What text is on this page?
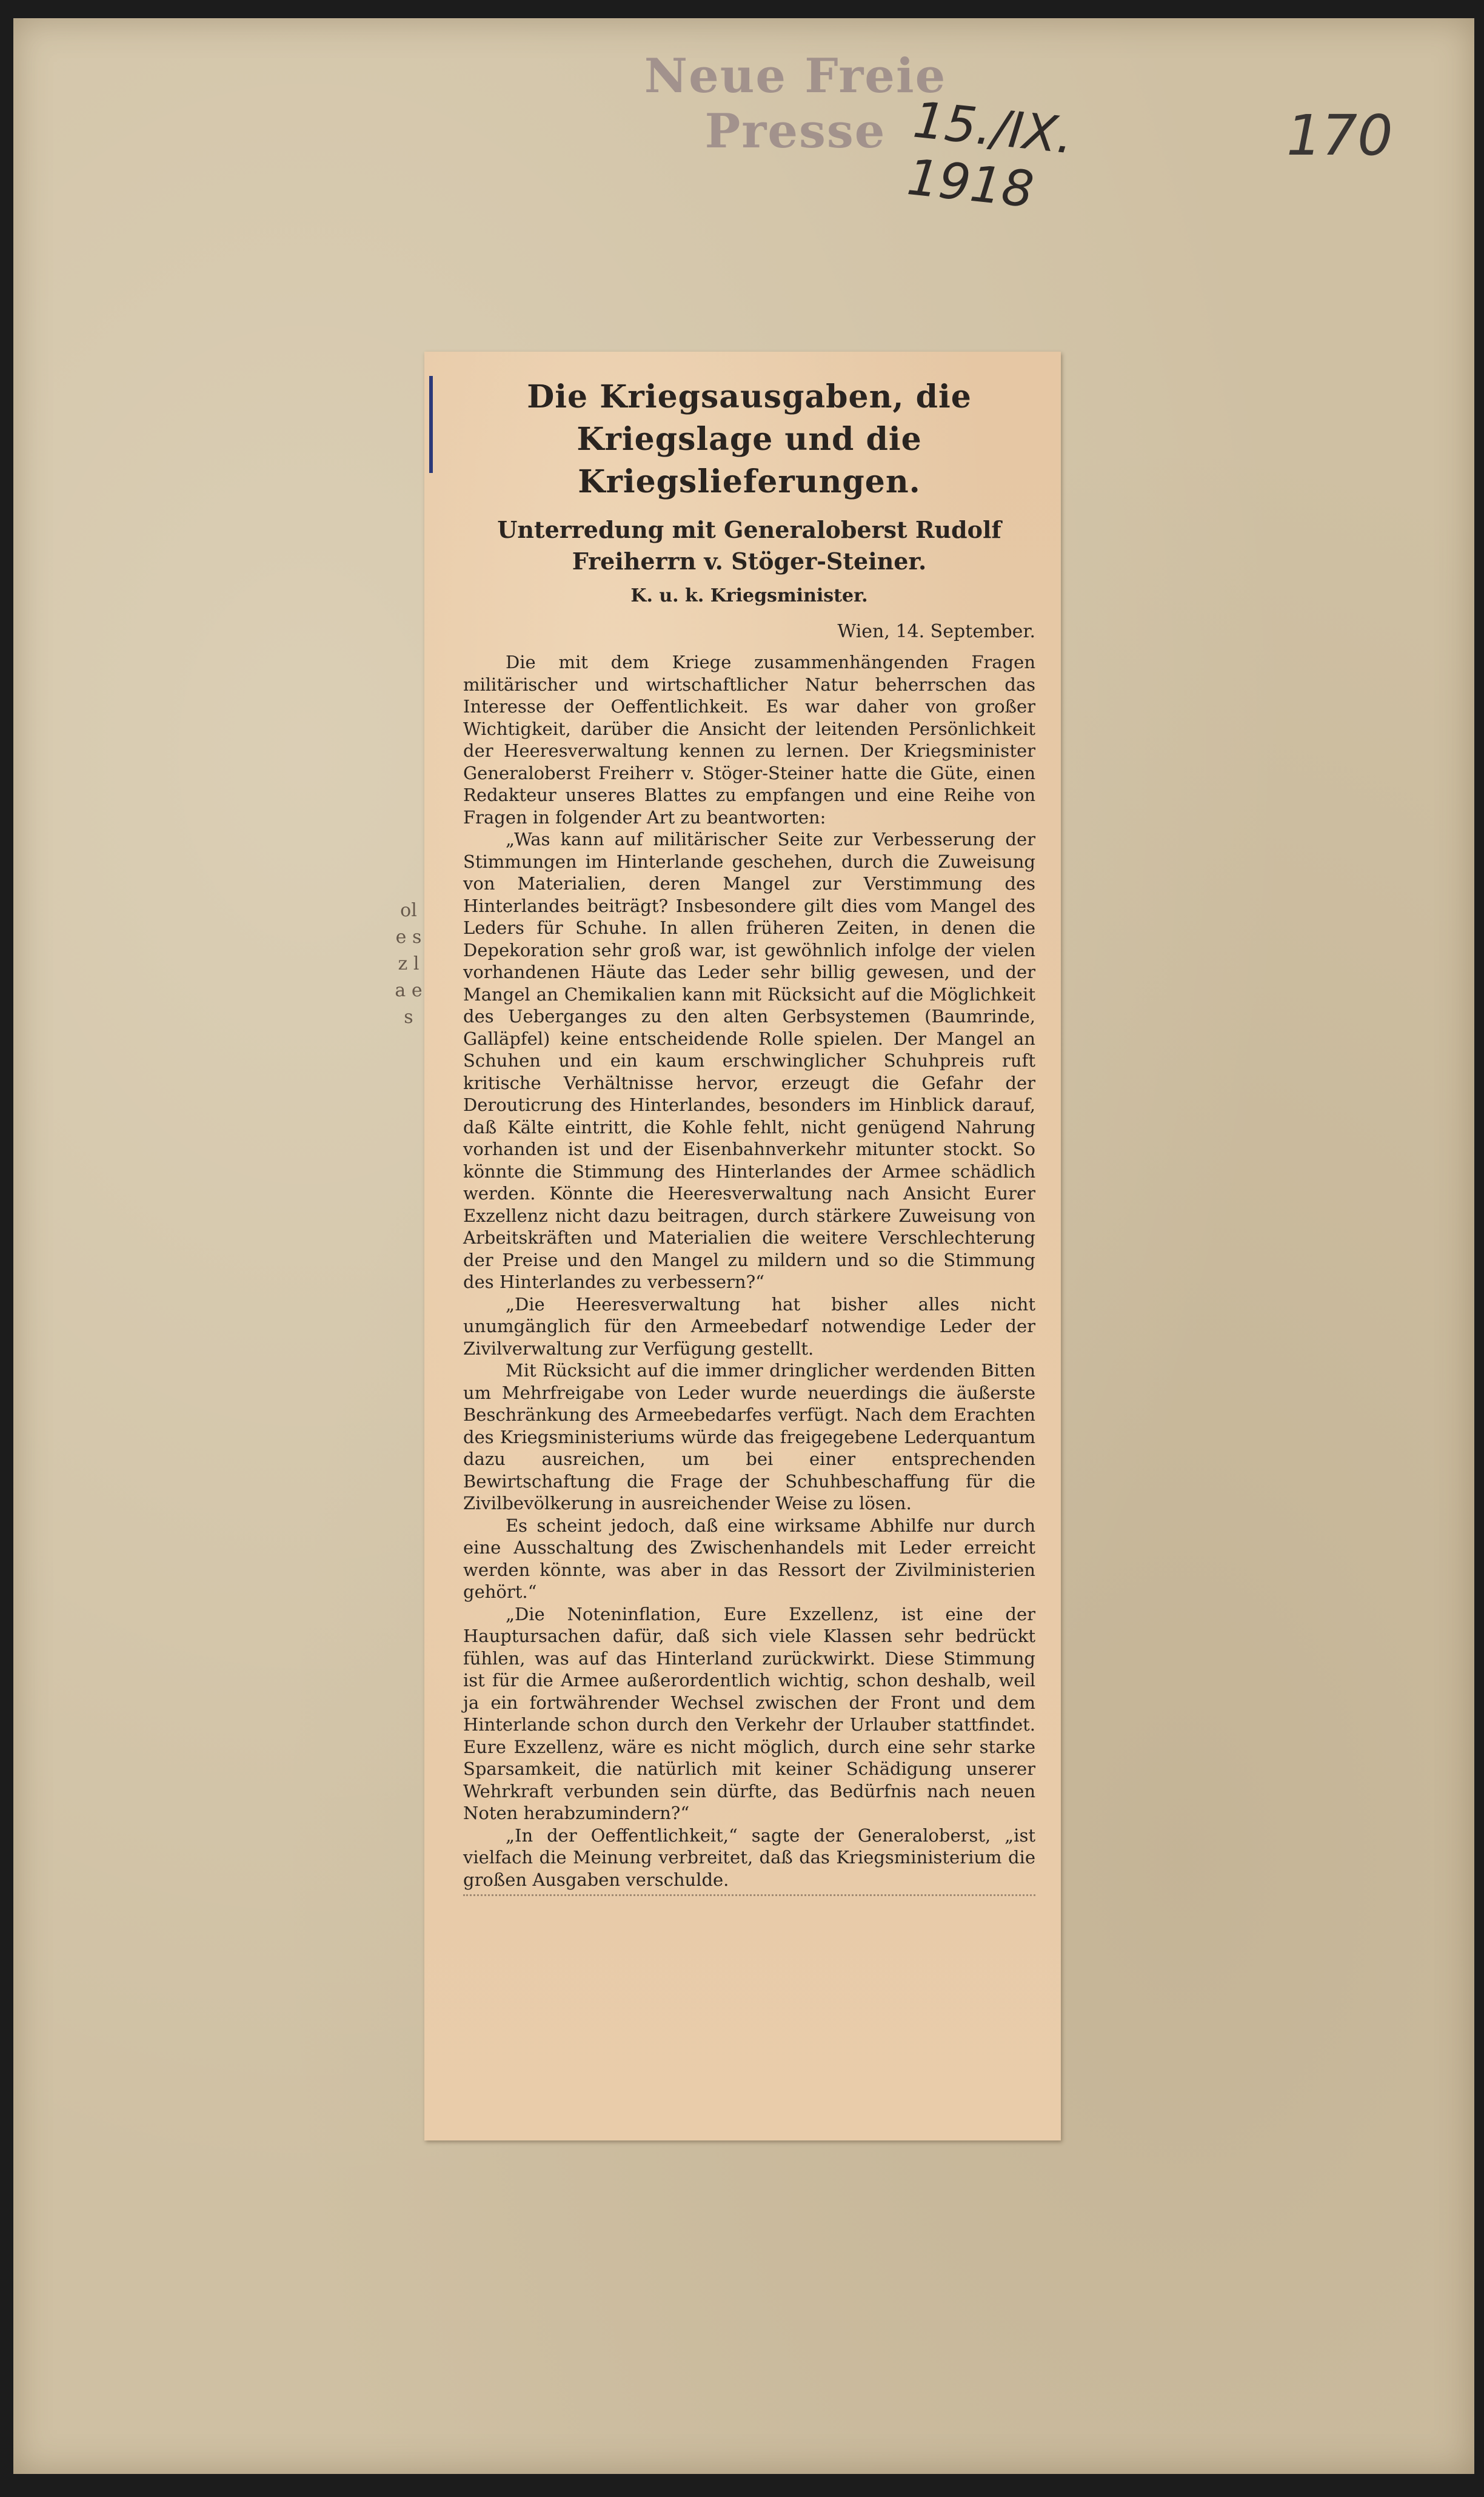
Neue Freie Presse 15./IX. 1918
170
ol e s z l a e s
Die Kriegsausgaben, die Kriegslage und die Kriegslieferungen.
Unterredung mit Generaloberst Rudolf Freiherrn v. Stöger-Steiner.
K. u. k. Kriegsminister.
Wien, 14. September.

Die mit dem Kriege zusammenhängenden Fragen militärischer und wirtschaftlicher Natur beherrschen das Interesse der Oeffentlichkeit. Es war daher von großer Wichtigkeit, darüber die Ansicht der leitenden Persönlichkeit der Heeresverwaltung kennen zu lernen. Der Kriegsminister Generaloberst Freiherr v. Stöger-Steiner hatte die Güte, einen Redakteur unseres Blattes zu empfangen und eine Reihe von Fragen in folgender Art zu beantworten:

„Was kann auf militärischer Seite zur Verbesserung der Stimmungen im Hinterlande geschehen, durch die Zuweisung von Materialien, deren Mangel zur Verstimmung des Hinterlandes beiträgt? Insbesondere gilt dies vom Mangel des Leders für Schuhe. In allen früheren Zeiten, in denen die Depekoration sehr groß war, ist gewöhnlich infolge der vielen vorhandenen Häute das Leder sehr billig gewesen, und der Mangel an Chemikalien kann mit Rücksicht auf die Möglichkeit des Ueberganges zu den alten Gerbsystemen (Baumrinde, Galläpfel) keine entscheidende Rolle spielen. Der Mangel an Schuhen und ein kaum erschwinglicher Schuhpreis ruft kritische Verhältnisse hervor, erzeugt die Gefahr der Derouticrung des Hinterlandes, besonders im Hinblick darauf, daß Kälte eintritt, die Kohle fehlt, nicht genügend Nahrung vorhanden ist und der Eisenbahnverkehr mitunter stockt. So könnte die Stimmung des Hinterlandes der Armee schädlich werden. Könnte die Heeresverwaltung nach Ansicht Eurer Exzellenz nicht dazu beitragen, durch stärkere Zuweisung von Arbeitskräften und Materialien die weitere Verschlechterung der Preise und den Mangel zu mildern und so die Stimmung des Hinterlandes zu verbessern?“

„Die Heeresverwaltung hat bisher alles nicht unumgänglich für den Armeebedarf notwendige Leder der Zivilverwaltung zur Verfügung gestellt.

Mit Rücksicht auf die immer dringlicher werdenden Bitten um Mehrfreigabe von Leder wurde neuerdings die äußerste Beschränkung des Armeebedarfes verfügt. Nach dem Erachten des Kriegsministeriums würde das freigegebene Lederquantum dazu ausreichen, um bei einer entsprechenden Bewirtschaftung die Frage der Schuhbeschaffung für die Zivilbevölkerung in ausreichender Weise zu lösen.

Es scheint jedoch, daß eine wirksame Abhilfe nur durch eine Ausschaltung des Zwischenhandels mit Leder erreicht werden könnte, was aber in das Ressort der Zivilministerien gehört.“

„Die Noteninflation, Eure Exzellenz, ist eine der Hauptursachen dafür, daß sich viele Klassen sehr bedrückt fühlen, was auf das Hinterland zurückwirkt. Diese Stimmung ist für die Armee außerordentlich wichtig, schon deshalb, weil ja ein fortwährender Wechsel zwischen der Front und dem Hinterlande schon durch den Verkehr der Urlauber stattfindet. Eure Exzellenz, wäre es nicht möglich, durch eine sehr starke Sparsamkeit, die natürlich mit keiner Schädigung unserer Wehrkraft verbunden sein dürfte, das Bedürfnis nach neuen Noten herabzumindern?“

„In der Oeffentlichkeit,“ sagte der Generaloberst, „ist vielfach die Meinung verbreitet, daß das Kriegsministerium die großen Ausgaben verschulde.
